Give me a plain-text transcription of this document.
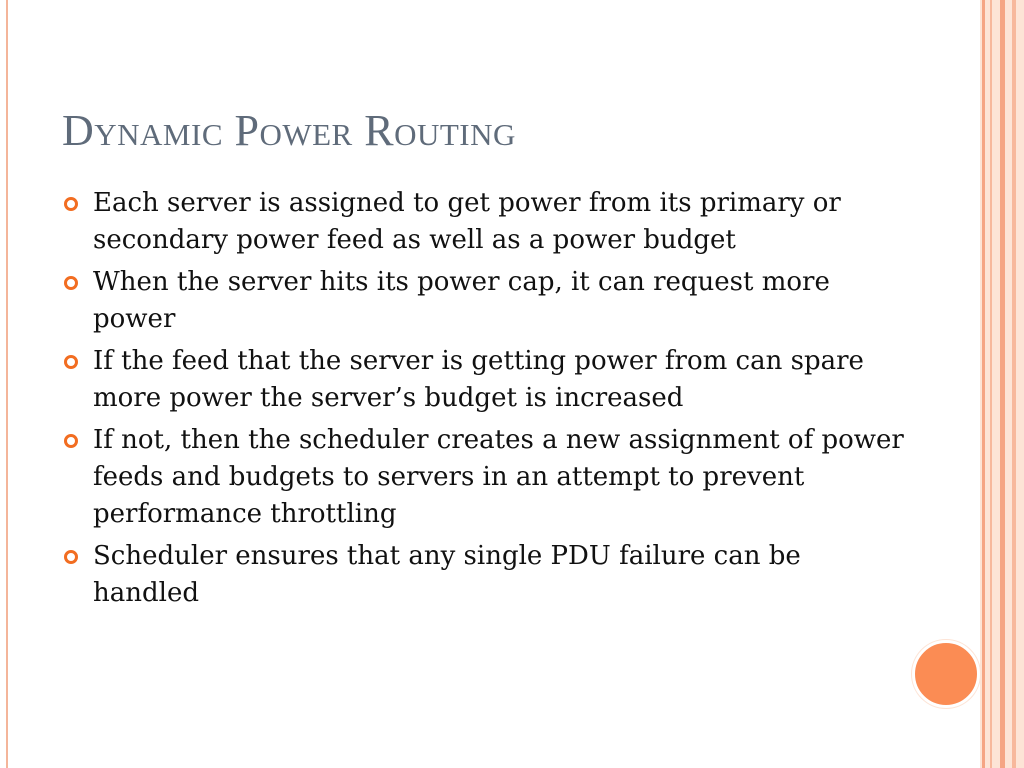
Dynamic Power Routing
Each server is assigned to get power from its primary or secondary power feed as well as a power budget
When the server hits its power cap, it can request more power
If the feed that the server is getting power from can spare more power the server’s budget is increased
If not, then the scheduler creates a new assignment of power feeds and budgets to servers in an attempt to prevent performance throttling
Scheduler ensures that any single PDU failure can be handled
